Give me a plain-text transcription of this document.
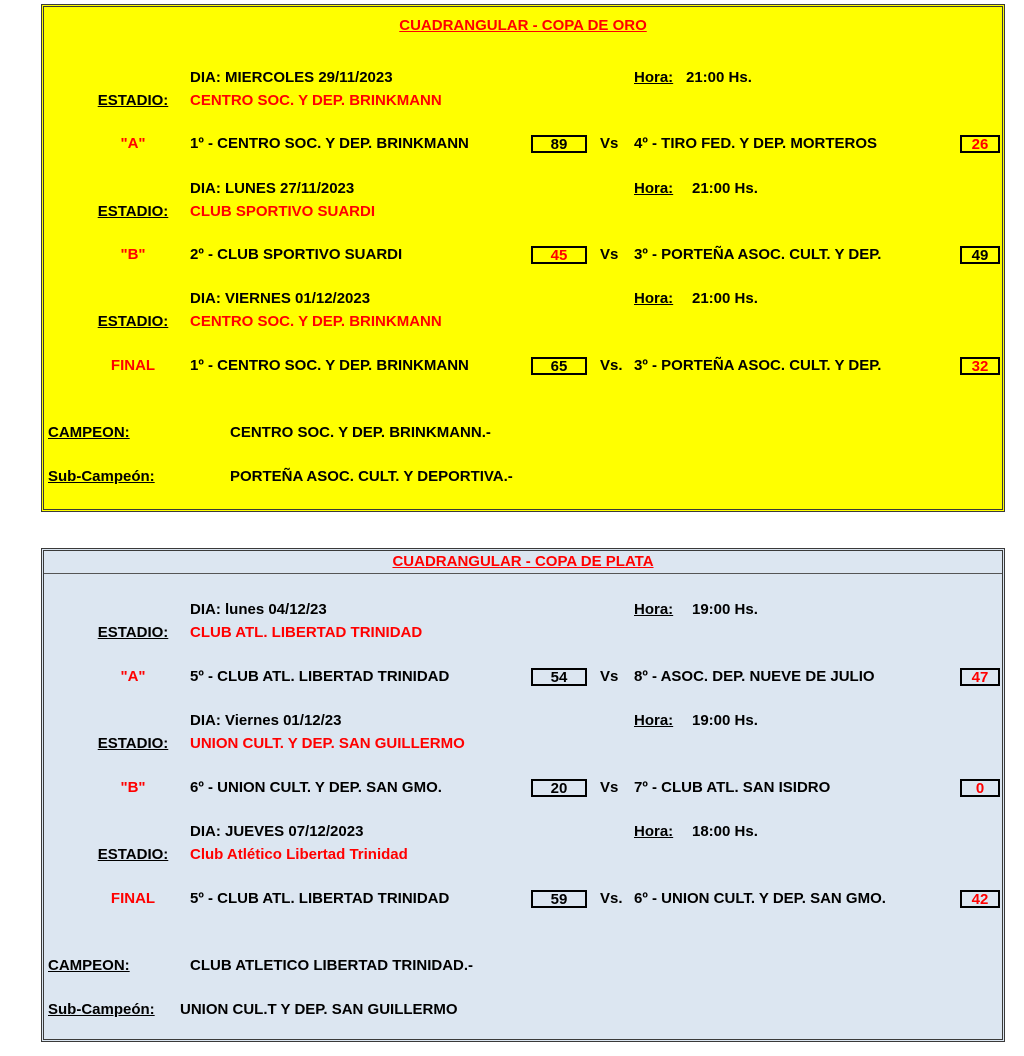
CUADRANGULAR - COPA DE ORO
DIA: MIERCOLES 29/11/2023	Hora: 21:00 Hs.
ESTADIO:	CENTRO SOC. Y DEP. BRINKMANN
"A"	1º - CENTRO SOC. Y DEP. BRINKMANN	89	Vs 4º - TIRO FED. Y DEP. MORTEROS	26
DIA: LUNES 27/11/2023	Hora: 21:00 Hs.
ESTADIO:	CLUB SPORTIVO SUARDI
"B"	2º - CLUB SPORTIVO SUARDI	45	Vs 3º - PORTEÑA ASOC. CULT. Y DEP.	49
DIA: VIERNES 01/12/2023	Hora: 21:00 Hs.
ESTADIO:	CENTRO SOC. Y DEP. BRINKMANN
FINAL	1º - CENTRO SOC. Y DEP. BRINKMANN	65	Vs. 3º - PORTEÑA ASOC. CULT. Y DEP.	32
CAMPEON:	CENTRO SOC. Y DEP. BRINKMANN.-
Sub-Campeón:	PORTEÑA ASOC. CULT. Y DEPORTIVA.-
CUADRANGULAR - COPA DE PLATA
DIA: lunes 04/12/23	Hora: 19:00 Hs.
ESTADIO:	CLUB ATL. LIBERTAD TRINIDAD
"A"	5º - CLUB ATL. LIBERTAD TRINIDAD	54	Vs 8º - ASOC. DEP. NUEVE DE JULIO	47
DIA: Viernes 01/12/23	Hora: 19:00 Hs.
ESTADIO:	UNION CULT. Y DEP. SAN GUILLERMO
"B"	6º - UNION CULT. Y DEP. SAN GMO.	20	Vs 7º - CLUB ATL. SAN ISIDRO	0
DIA: JUEVES 07/12/2023	Hora: 18:00 Hs.
ESTADIO:	Club Atlético Libertad Trinidad
FINAL	5º - CLUB ATL. LIBERTAD TRINIDAD	59	Vs. 6º - UNION CULT. Y DEP. SAN GMO.	42
CAMPEON:	CLUB ATLETICO LIBERTAD TRINIDAD.-
Sub-Campeón: UNION CUL.T Y DEP. SAN GUILLERMO
